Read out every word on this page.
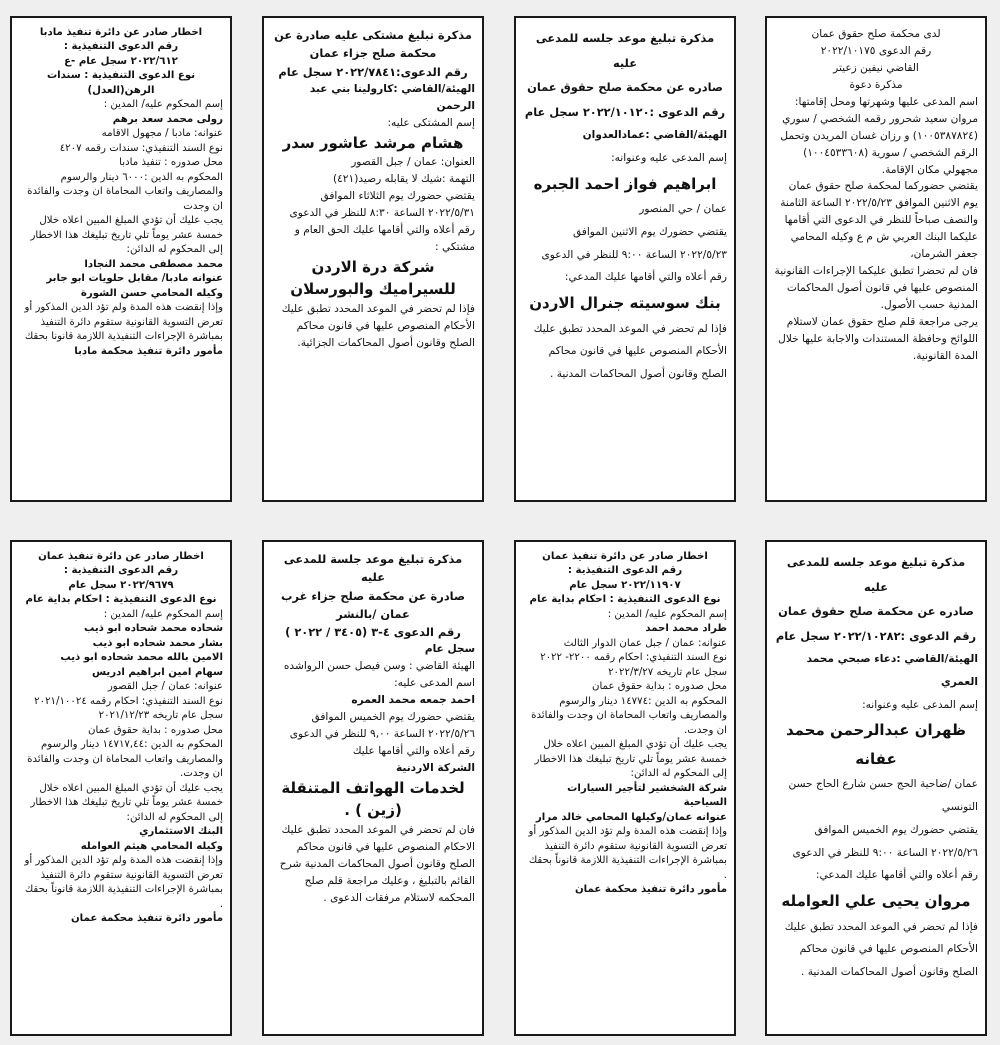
لدى محكمة صلح حقوق عمان
رقم الدعوى ٢٠٢٢/١٠١٧٥
القاضي نيفين زعيتر
مذكرة دعوة
اسم المدعى عليها وشهرتها ومحل إقامتها: مروان سعيد شحرور رقمه الشخصي / سوري (١٠٠٥٣٨٧٨٢٤) و رزان غسان المريدن وتحمل الرقم الشخصي / سورية (١٠٠٤٥٣٣٦٠٨) مجهولي مكان الإقامة.
يقتضي حضوركما لمحكمة صلح حقوق عمان يوم الاثنين الموافق ٢٠٢٢/٥/٢٣ الساعة الثامنة والنصف صباحاً للنظر في الدعوى التي أقامها عليكما البنك العربي ش م ع وكيله المحامي جعفر الشرمان،
فان لم تحضرا تطبق عليكما الإجراءات القانونية المنصوص عليها في قانون أصول المحاكمات المدنية حسب الأصول.
يرجى مراجعة قلم صلح حقوق عمان لاستلام اللوائح وحافظة المستندات والاجابة عليها خلال المدة القانونية.
مذكرة تبليغ موعد جلسه للمدعى عليه
صادره عن محكمة صلح حقوق عمان
رقم الدعوى :٢٠٢٢/١٠١٢٠ سجل عام
الهيئة/القاضي :عمادالعدوان
إسم المدعى عليه وعنوانه:
ابراهيم فواز احمد الجبره
عمان / حي المنصور
يقتضي حضورك يوم الاثنين الموافق ٢٠٢٢/٥/٢٣ الساعة ٩:٠٠ للنظر في الدعوى رقم أعلاه والتي أقامها عليك المدعي:
بنك سوسيته جنرال الاردن
فإذا لم تحضر في الموعد المحدد تطبق عليك الأحكام المنصوص عليها في قانون محاكم الصلح وقانون أصول المحاكمات المدنية .
مذكرة تبليغ مشتكى عليه صادرة عن
محكمة صلح جزاء عمان
رقم الدعوى:٢٠٢٢/٧٨٤١ سجل عام
الهيئة/القاضي :كارولينا بني عبد الرحمن
إسم المشتكى عليه:
هشام مرشد عاشور سدر
العنوان: عمان / جبل القصور
التهمة :شيك لا يقابله رصيد(٤٢١)
يقتضي حضورك يوم الثلاثاء الموافق ٢٠٢٢/٥/٣١ الساعة ٨:٣٠ للنظر في الدعوى رقم أعلاه والتي أقامها عليك الحق العام و مشتكي :
شركة درة الاردن للسيراميك والبورسلان
فإذا لم تحضر في الموعد المحدد تطبق عليك الأحكام المنصوص عليها في قانون محاكم الصلح وقانون أصول المحاكمات الجزائية.
اخطار صادر عن دائرة تنفيذ مادبا
رقم الدعوى التنفيذية :
٢٠٢٢/٦١٢ سجل عام -ع
نوع الدعوى التنفيذية : سندات الرهن(العدل)
إسم المحكوم عليه/ المدين :
رولى محمد سعد برهم
عنوانه: مادبا / مجهول الاقامه
نوع السند التنفيذي: سندات رقمه ٤٢٠٧
محل صدوره : تنفيذ مادبا
المحكوم به الدين :٦٠٠٠ دينار والرسوم والمصاريف واتعاب المحاماة ان وجدت والفائدة ان وجدت
يجب عليك أن تؤدي المبلغ المبين اعلاه خلال خمسة عشر يوماً تلي تاريخ تبليغك هذا الاخطار إلى المحكوم له الدائن:
محمد مصطفى محمد النجادا
عنوانه مادبا/ مقابل حلويات ابو جابر
وكيله المحامي حسن الشورة
وإذا إنقضت هذه المدة ولم تؤد الدين المذكور أو تعرض التسوية القانونية ستقوم دائرة التنفيذ بمباشرة الإجراءات التنفيذية اللازمة قانونا بحقك
مأمور دائرة تنفيذ محكمة مادبا
مذكرة تبليغ موعد جلسه للمدعى عليه
صادره عن محكمة صلح حقوق عمان
رقم الدعوى :٢٠٢٢/١٠٢٨٢ سجل عام
الهيئة/القاضي :دعاء صبحي محمد العمري
إسم المدعى عليه وعنوانه:
ظهران عبدالرحمن محمد عفانه
عمان /ضاحية الحج حسن شارع الحاج حسن التونسي
يقتضي حضورك يوم الخميس الموافق ٢٠٢٢/٥/٢٦ الساعة ٩:٠٠ للنظر في الدعوى رقم أعلاه والتي أقامها عليك المدعي:
مروان يحيى علي العوامله
فإذا لم تحضر في الموعد المحدد تطبق عليك الأحكام المنصوص عليها في قانون محاكم الصلح وقانون أصول المحاكمات المدنية .
اخطار صادر عن دائرة تنفيذ عمان
رقم الدعوى التنفيذية :
٢٠٢٢/١١٩٠٧ سجل عام
نوع الدعوى التنفيذية : احكام بداية عام
إسم المحكوم عليه/ المدين :
طراد محمد احمد
عنوانه: عمان / جبل عمان الدوار الثالث
نوع السند التنفيذي: احكام رقمه ٢٢٠٠- ٢٠٢٢ سجل عام تاريخه ٢٠٢٢/٣/٢٧
محل صدوره : بداية حقوق عمان
المحكوم به الدين :١٤٧٧٤ دينار والرسوم والمصاريف واتعاب المحاماة ان وجدت والفائدة ان وجدت.
يجب عليك أن تؤدي المبلغ المبين اعلاه خلال خمسة عشر يوماً تلي تاريخ تبليغك هذا الاخطار إلى المحكوم له الدائن:
شركة الشخشير لتأجير السيارات السياحية
عنوانه عمان/وكيلها المحامي خالد مرار
وإذا إنقضت هذه المدة ولم تؤد الدين المذكور أو تعرض التسوية القانونية ستقوم دائرة التنفيذ بمباشرة الإجراءات التنفيذية اللازمة قانوناً بحقك .
مأمور دائرة تنفيذ محكمة عمان
مذكرة تبليغ موعد جلسة للمدعى عليه
صادرة عن محكمة صلح جزاء غرب عمان /بالنشر
رقم الدعوى ٤-٣ (٣٤٠٥ / ٢٠٢٢ )
سجل عام
الهيئة القاضي : وسن فيصل حسن الرواشده
اسم المدعى عليه:
احمد جمعه محمد العمره
يقتضي حضورك يوم الخميس الموافق ٢٠٢٢/٥/٢٦ الساعة ٩,٠٠ للنظر في الدعوى رقم أعلاه والتي أقامها عليك
الشركة الاردنية
لخدمات الهواتف المتنقلة (زين ) .
فان لم تحضر في الموعد المحدد تطبق عليك الاحكام المنصوص عليها في قانون محاكم الصلح وقانون أصول المحاكمات المدنية شرح القائم بالتبليغ ، وعليك مراجعة قلم صلح المحكمه لاستلام مرفقات الدعوى .
اخطار صادر عن دائرة تنفيذ عمان
رقم الدعوى التنفيذية :
٢٠٢٢/٩٦٧٩ سجل عام
نوع الدعوى التنفيذية : احكام بداية عام
إسم المحكوم عليه/ المدين :
شحاده محمد شحاده ابو ذيب
بشار محمد شحاده ابو ذيب
الامين بالله محمد شحاده ابو ذيب
سهام امين ابراهيم ادريس
عنوانه: عمان / جبل القصور
نوع السند التنفيذي: احكام رقمه ٢٠٢١/١٠٠٢٤ سجل عام تاريخه ٢٠٢١/١٢/٢٣
محل صدوره : بداية حقوق عمان
المحكوم به الدين :١٤٧١٧,٤٤ دينار والرسوم والمصاريف واتعاب المحاماة ان وجدت والفائدة ان وجدت.
يجب عليك أن تؤدي المبلغ المبين اعلاه خلال خمسة عشر يوماً تلي تاريخ تبليغك هذا الاخطار إلى المحكوم له الدائن:
البنك الاستثماري
وكيله المحامي هيثم العوامله
وإذا إنقضت هذه المدة ولم تؤد الدين المذكور أو تعرض التسوية القانونية ستقوم دائرة التنفيذ بمباشرة الإجراءات التنفيذية اللازمة قانوناً بحقك .
مأمور دائرة تنفيذ محكمة عمان
